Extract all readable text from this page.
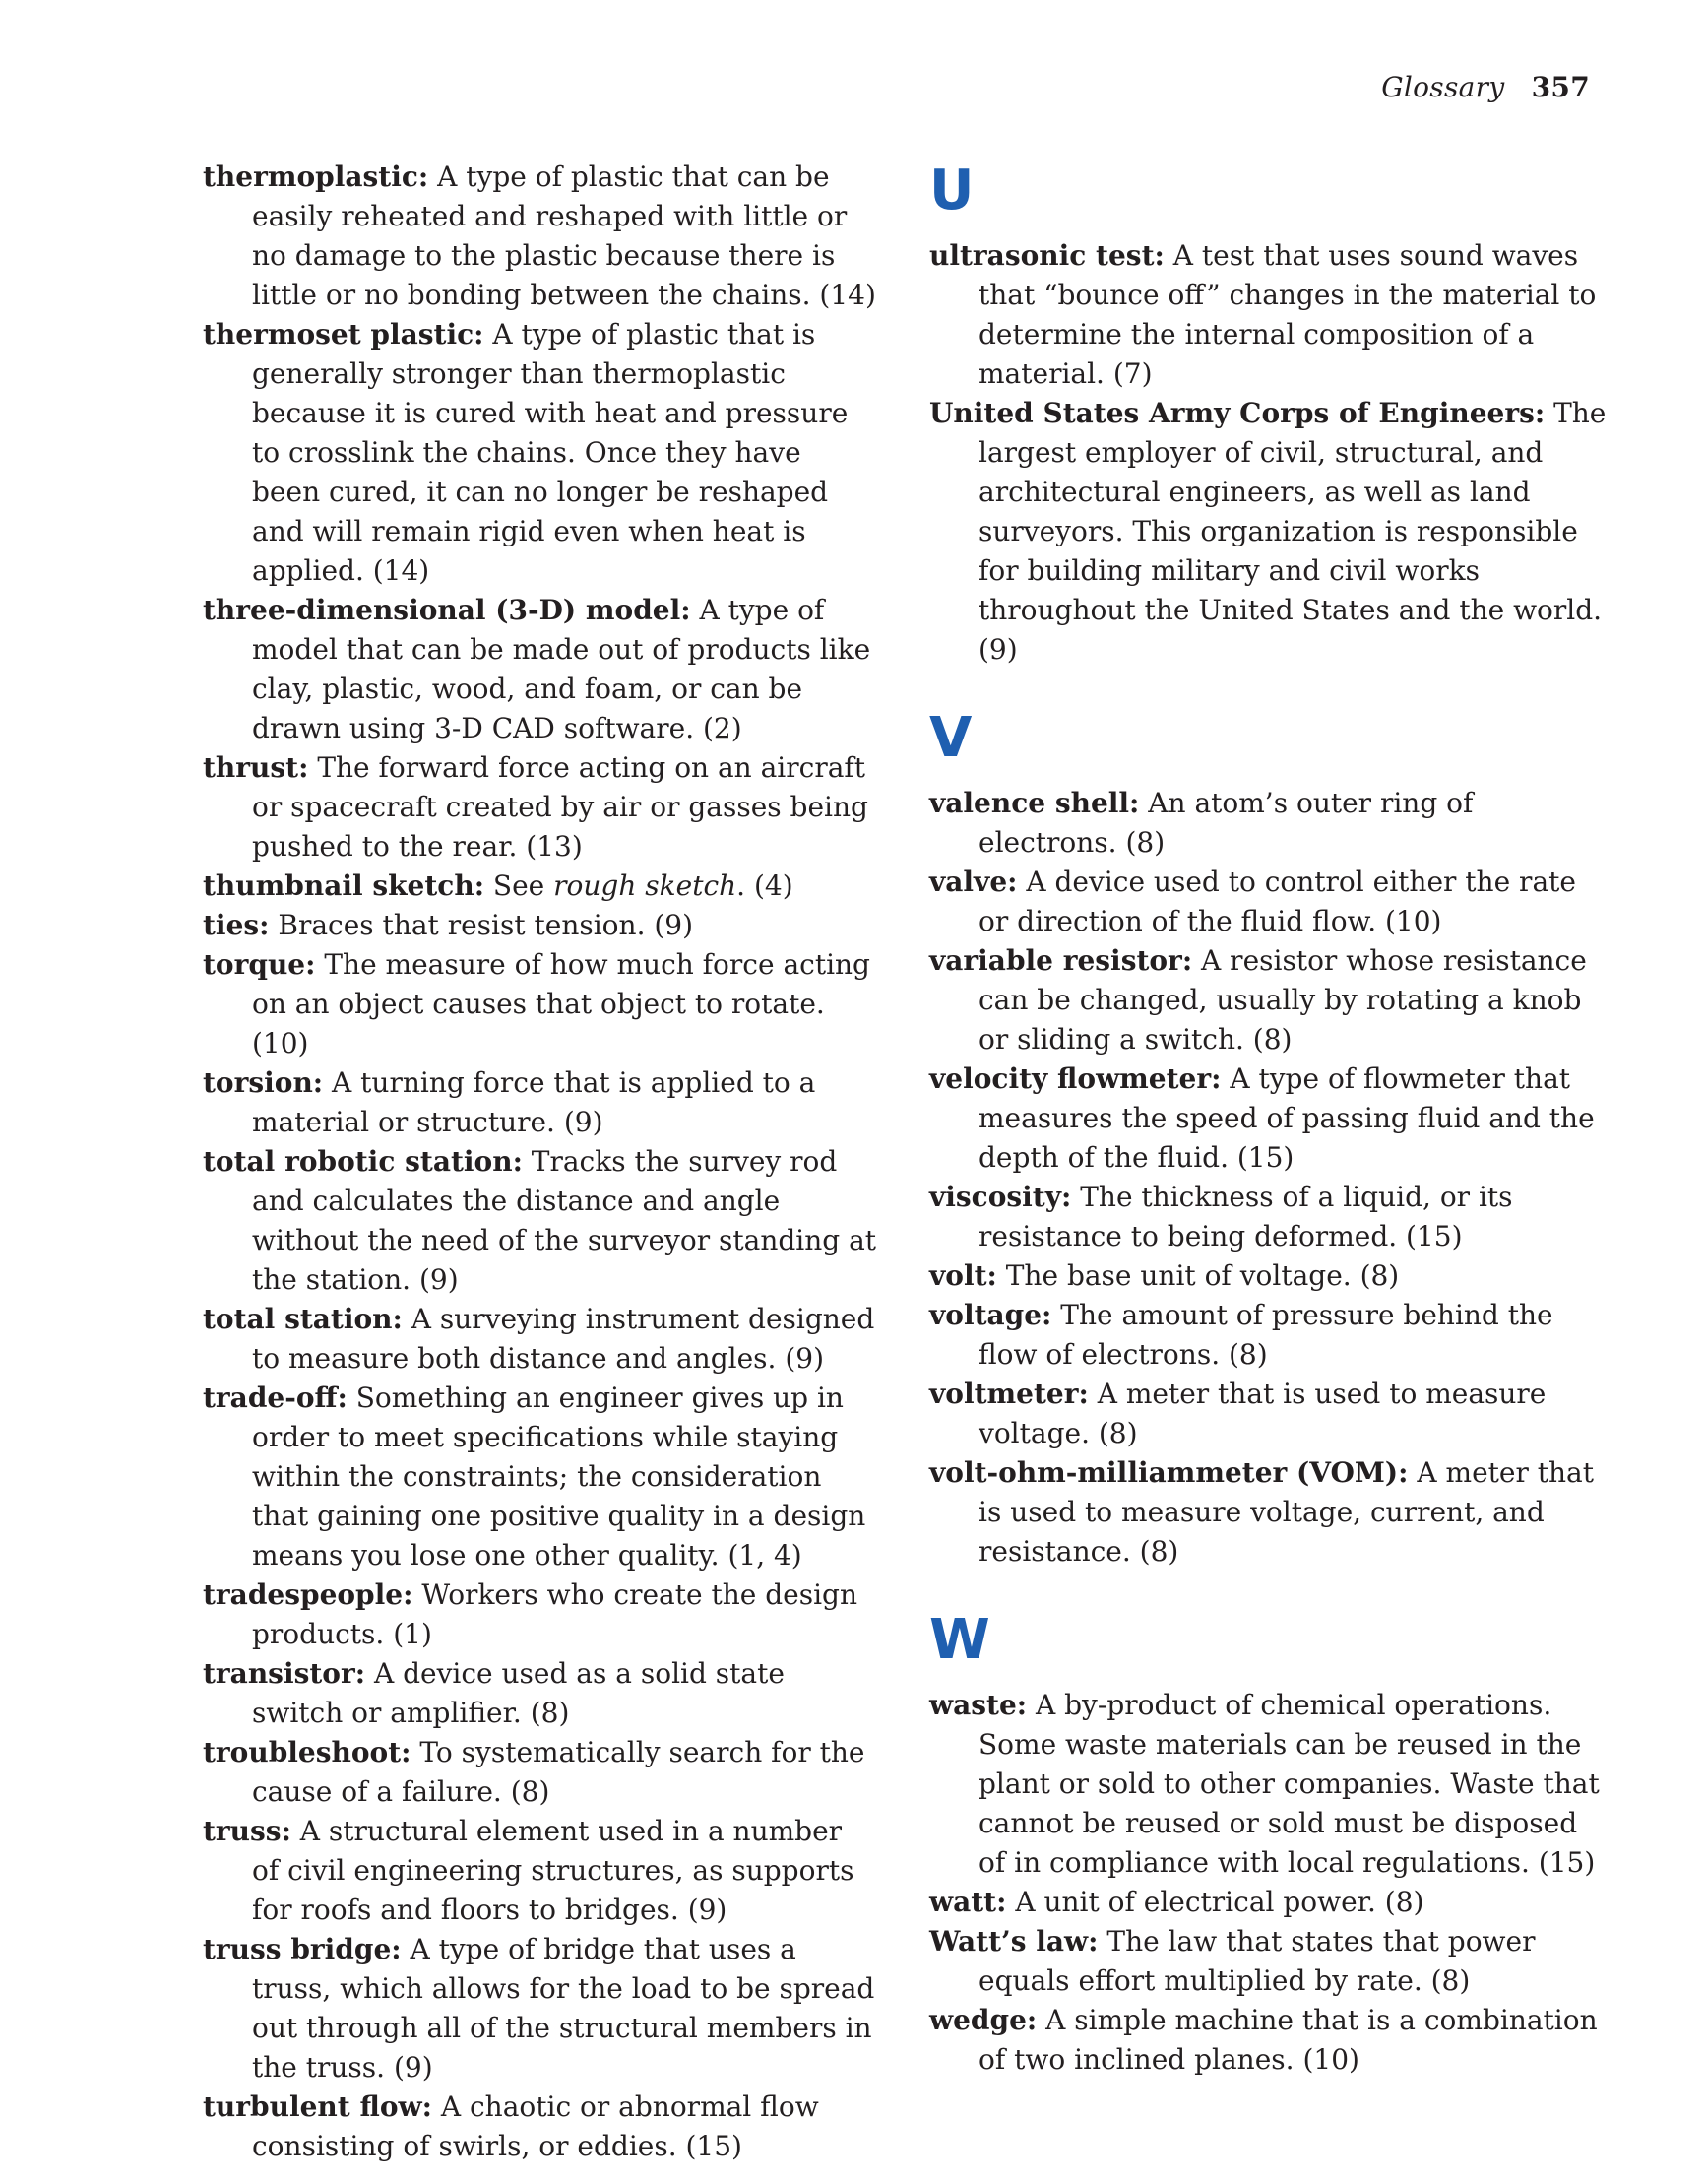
Glossary 357

thermoplastic: A type of plastic that can be easily reheated and reshaped with little or no damage to the plastic because there is little or no bonding between the chains. (14)

thermoset plastic: A type of plastic that is generally stronger than thermoplastic because it is cured with heat and pressure to crosslink the chains. Once they have been cured, it can no longer be reshaped and will remain rigid even when heat is applied. (14)

three-dimensional (3-D) model: A type of model that can be made out of products like clay, plastic, wood, and foam, or can be drawn using 3-D CAD software. (2)

thrust: The forward force acting on an aircraft or spacecraft created by air or gasses being pushed to the rear. (13)

thumbnail sketch: See rough sketch. (4)

ties: Braces that resist tension. (9)

torque: The measure of how much force acting on an object causes that object to rotate. (10)

torsion: A turning force that is applied to a material or structure. (9)

total robotic station: Tracks the survey rod and calculates the distance and angle without the need of the surveyor standing at the station. (9)

total station: A surveying instrument designed to measure both distance and angles. (9)

trade-off: Something an engineer gives up in order to meet specifications while staying within the constraints; the consideration that gaining one positive quality in a design means you lose one other quality. (1, 4)

tradespeople: Workers who create the design products. (1)

transistor: A device used as a solid state switch or amplifier. (8)

troubleshoot: To systematically search for the cause of a failure. (8)

truss: A structural element used in a number of civil engineering structures, as supports for roofs and floors to bridges. (9)

truss bridge: A type of bridge that uses a truss, which allows for the load to be spread out through all of the structural members in the truss. (9)

turbulent flow: A chaotic or abnormal flow consisting of swirls, or eddies. (15)

U

ultrasonic test: A test that uses sound waves that “bounce off” changes in the material to determine the internal composition of a material. (7)

United States Army Corps of Engineers: The largest employer of civil, structural, and architectural engineers, as well as land surveyors. This organization is responsible for building military and civil works throughout the United States and the world. (9)

V

valence shell: An atom’s outer ring of electrons. (8)

valve: A device used to control either the rate or direction of the fluid flow. (10)

variable resistor: A resistor whose resistance can be changed, usually by rotating a knob or sliding a switch. (8)

velocity flowmeter: A type of flowmeter that measures the speed of passing fluid and the depth of the fluid. (15)

viscosity: The thickness of a liquid, or its resistance to being deformed. (15)

volt: The base unit of voltage. (8)

voltage: The amount of pressure behind the flow of electrons. (8)

voltmeter: A meter that is used to measure voltage. (8)

volt-ohm-milliammeter (VOM): A meter that is used to measure voltage, current, and resistance. (8)

W

waste: A by-product of chemical operations. Some waste materials can be reused in the plant or sold to other companies. Waste that cannot be reused or sold must be disposed of in compliance with local regulations. (15)

watt: A unit of electrical power. (8)

Watt’s law: The law that states that power equals effort multiplied by rate. (8)

wedge: A simple machine that is a combination of two inclined planes. (10)
